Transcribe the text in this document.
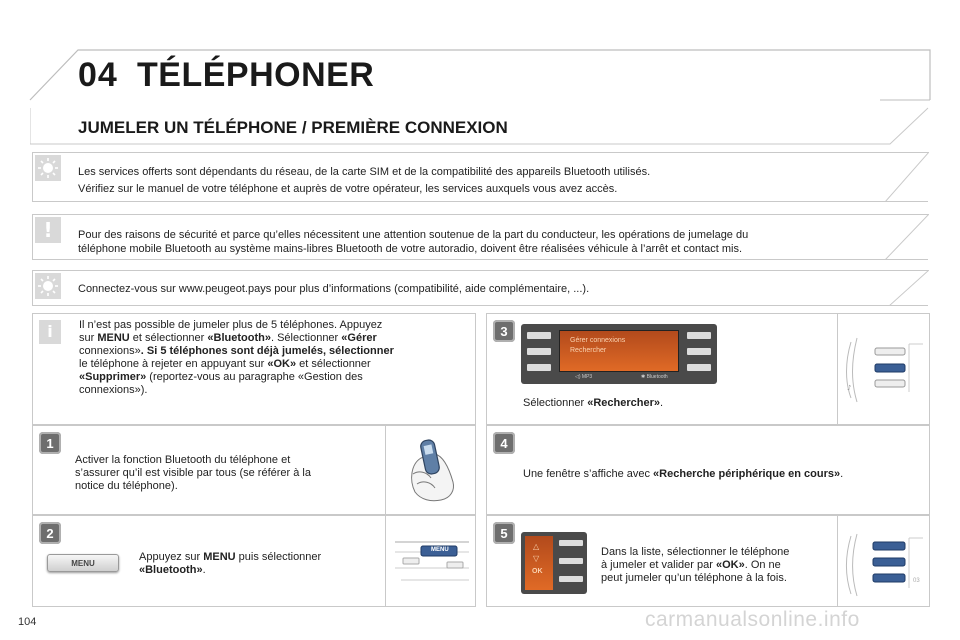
04 TÉLÉPHONER
JUMELER UN TÉLÉPHONE / PREMIÈRE CONNEXION
Les services offerts sont dépendants du réseau, de la carte SIM et de la compatibilité des appareils Bluetooth utilisés.
Vérifiez sur le manuel de votre téléphone et auprès de votre opérateur, les services auxquels vous avez accès.
! Pour des raisons de sécurité et parce qu’elles nécessitent une attention soutenue de la part du conducteur, les opérations de jumelage du
téléphone mobile Bluetooth au système mains-libres Bluetooth de votre autoradio, doivent être réalisées véhicule à l’arrêt et contact mis.
Connectez-vous sur www.peugeot.pays pour plus d’informations (compatibilité, aide complémentaire, ...).
i Il n’est pas possible de jumeler plus de 5 téléphones. Appuyez
sur MENU et sélectionner «Bluetooth». Sélectionner «Gérer
connexions». Si 5 téléphones sont déjà jumelés, sélectionner
le téléphone à rejeter en appuyant sur «OK» et sélectionner
«Supprimer» (reportez-vous au paragraphe «Gestion des
connexions»).
1
Activer la fonction Bluetooth du téléphone et
s’assurer qu’il est visible par tous (se référer à la
notice du téléphone).
2
MENU	Appuyez sur MENU puis sélectionner
«Bluetooth».
MENU
3
Gérer connexions
Rechercher
◁) MP3	✱ Bluetooth
Sélectionner «Rechercher».
♪
4
Une fenêtre s’affiche avec «Recherche périphérique en cours».
5
△
▽
OK
Dans la liste, sélectionner le téléphone
à jumeler et valider par «OK». On ne
peut jumeler qu’un téléphone à la fois.	03
104	carmanualsonline.info
